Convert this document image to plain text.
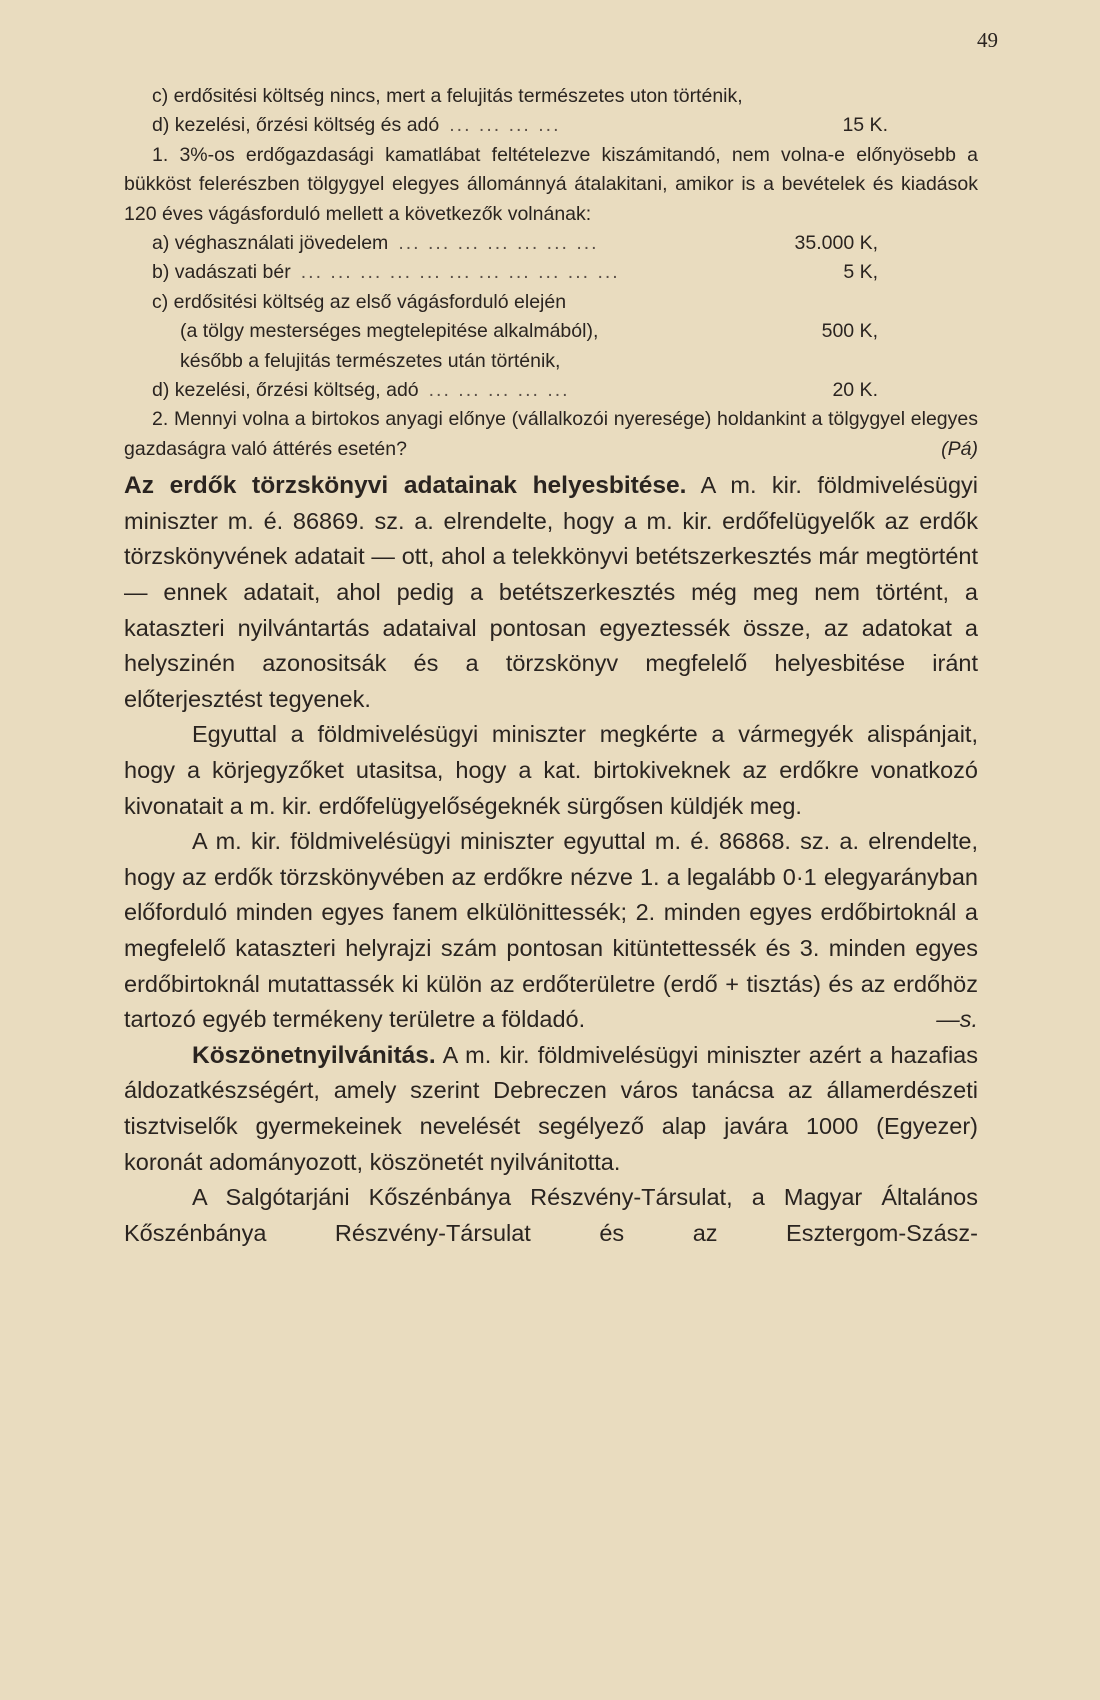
49
c) erdősitési költség nincs, mert a felujitás természetes uton történik,
d) kezelési, őrzési költség és adó ... ... ... ...	15 K.

1. 3%-os erdőgazdasági kamatlábat feltételezve kiszámitandó, nem volna-e előnyösebb a bükköst felerészben tölgygyel elegyes állománnyá átalakitani, amikor is a bevételek és kiadások 120 éves vágásforduló mellett a következők volnának:

a) véghasználati jövedelem ... ... ... ... ... ... ...	35.000 K,
b) vadászati bér ... ... ... ... ... ... ... ... ... ... ...	5 K,
c) erdősitési költség az első vágásforduló elején
(a tölgy mesterséges megtelepitése alkalmából),	500 K,
később a felujitás természetes után történik,
d) kezelési, őrzési költség, adó ... ... ... ... ...	20 K.

2. Mennyi volna a birtokos anyagi előnye (vállalkozói nyeresége) holdankint a tölgygyel elegyes gazdaságra való áttérés esetén?	(Pá)

Az erdők törzskönyvi adatainak helyesbitése. A m. kir. földmivelésügyi miniszter m. é. 86869. sz. a. elrendelte, hogy a m. kir. erdőfelügyelők az erdők törzskönyvének adatait — ott, ahol a telekkönyvi betétszerkesztés már megtörtént — ennek adatait, ahol pedig a betétszerkesztés még meg nem történt, a kataszteri nyilvántartás adataival pontosan egyeztessék össze, az adatokat a helyszinén azonositsák és a törzskönyv megfelelő helyesbitése iránt előterjesztést tegyenek.

Egyuttal a földmivelésügyi miniszter megkérte a vármegyék alispánjait, hogy a körjegyzőket utasitsa, hogy a kat. birtokiveknek az erdőkre vonatkozó kivonatait a m. kir. erdőfelügyelőségeknék sürgősen küldjék meg.

A m. kir. földmivelésügyi miniszter egyuttal m. é. 86868. sz. a. elrendelte, hogy az erdők törzskönyvében az erdőkre nézve 1. a legalább 0·1 elegyarányban előforduló minden egyes fanem elkülönittessék; 2. minden egyes erdőbirtoknál a megfelelő kataszteri helyrajzi szám pontosan kitüntettessék és 3. minden egyes erdőbirtoknál mutattassék ki külön az erdőterületre (erdő + tisztás) és az erdőhöz tartozó egyéb termékeny területre a földadó.	—s.

Köszönetnyilvánitás. A m. kir. földmivelésügyi miniszter azért a hazafias áldozatkészségért, amely szerint Debreczen város tanácsa az államerdészeti tisztviselők gyermekeinek nevelését segélyező alap javára 1000 (Egyezer) koronát adományozott, köszönetét nyilvánitotta.

A Salgótarjáni Kőszénbánya Részvény-Társulat, a Magyar Általános Kőszénbánya Részvény-Társulat és az Esztergom-Szász-
